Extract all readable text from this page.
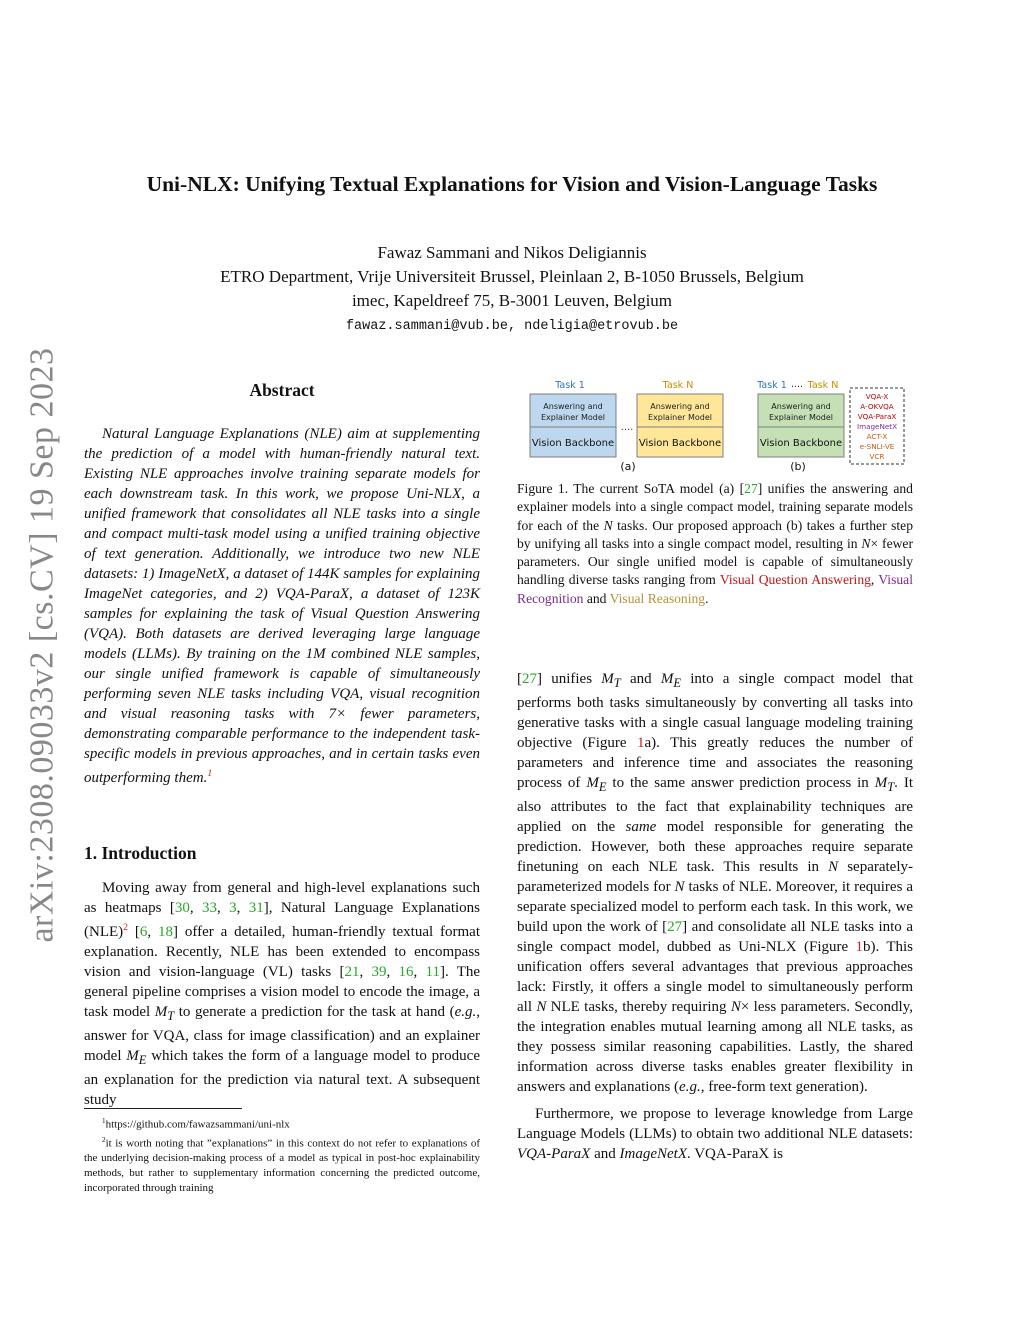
arXiv:2308.09033v2 [cs.CV] 19 Sep 2023
Uni-NLX: Unifying Textual Explanations for Vision and Vision-Language Tasks
Fawaz Sammani and Nikos Deligiannis
ETRO Department, Vrije Universiteit Brussel, Pleinlaan 2, B-1050 Brussels, Belgium
imec, Kapeldreef 75, B-3001 Leuven, Belgium
fawaz.sammani@vub.be, ndeligia@etrovub.be
Abstract

Natural Language Explanations (NLE) aim at supplementing the prediction of a model with human-friendly natural text. Existing NLE approaches involve training separate models for each downstream task. In this work, we propose Uni-NLX, a unified framework that consolidates all NLE tasks into a single and compact multi-task model using a unified training objective of text generation. Additionally, we introduce two new NLE datasets: 1) ImageNetX, a dataset of 144K samples for explaining ImageNet categories, and 2) VQA-ParaX, a dataset of 123K samples for explaining the task of Visual Question Answering (VQA). Both datasets are derived leveraging large language models (LLMs). By training on the 1M combined NLE samples, our single unified framework is capable of simultaneously performing seven NLE tasks including VQA, visual recognition and visual reasoning tasks with 7× fewer parameters, demonstrating comparable performance to the independent task-specific models in previous approaches, and in certain tasks even outperforming them.$^1$

1. Introduction

Moving away from general and high-level explanations such as heatmaps [30, 33, 3, 31], Natural Language Explanations (NLE)$^2$ [6, 18] offer a detailed, human-friendly textual format explanation. Recently, NLE has been extended to encompass vision and vision-language (VL) tasks [21, 39, 16, 11]. The general pipeline comprises a vision model to encode the image, a task model $M_T$ to generate a prediction for the task at hand (e.g., answer for VQA, class for image classification) and an explainer model $M_E$ which takes the form of a language model to produce an explanation for the prediction via natural text. A subsequent study

$^1$https://github.com/fawazsammani/uni-nlx

$^2$it is worth noting that ”explanations” in this context do not refer to explanations of the underlying decision-making process of a model as typical in post-hoc explainability methods, but rather to supplementary information concerning the predicted outcome, incorporated through training

Task 1	Task N
Answering and
Explainer Model
Vision Backbone
....
Answering and
Explainer Model
Vision Backbone
(a)
Task 1 .... Task N
Answering and
Explainer Model
Vision Backbone
(b)
VQA-X
A-OKVQA
VQA-ParaX
ImageNetX
ACT-X
e-SNLI-VE
VCR

Figure 1. The current SoTA model (a) [27] unifies the answering and explainer models into a single compact model, training separate models for each of the N tasks. Our proposed approach (b) takes a further step by unifying all tasks into a single compact model, resulting in N× fewer parameters. Our single unified model is capable of simultaneously handling diverse tasks ranging from Visual Question Answering, Visual Recognition and Visual Reasoning.

[27] unifies $M_T$ and $M_E$ into a single compact model that performs both tasks simultaneously by converting all tasks into generative tasks with a single casual language modeling training objective (Figure 1a). This greatly reduces the number of parameters and inference time and associates the reasoning process of $M_E$ to the same answer prediction process in $M_T$. It also attributes to the fact that explainability techniques are applied on the same model responsible for generating the prediction. However, both these approaches require separate finetuning on each NLE task. This results in N separately-parameterized models for N tasks of NLE. Moreover, it requires a separate specialized model to perform each task. In this work, we build upon the work of [27] and consolidate all NLE tasks into a single compact model, dubbed as Uni-NLX (Figure 1b). This unification offers several advantages that previous approaches lack: Firstly, it offers a single model to simultaneously perform all N NLE tasks, thereby requiring N× less parameters. Secondly, the integration enables mutual learning among all NLE tasks, as they possess similar reasoning capabilities. Lastly, the shared information across diverse tasks enables greater flexibility in answers and explanations (e.g., free-form text generation).

Furthermore, we propose to leverage knowledge from Large Language Models (LLMs) to obtain two additional NLE datasets: VQA-ParaX and ImageNetX. VQA-ParaX is
